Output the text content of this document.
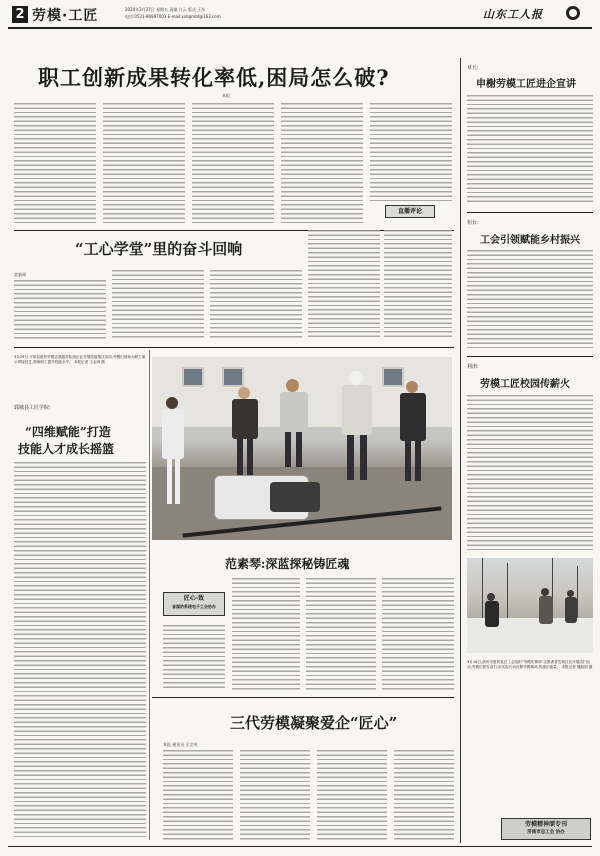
2 劳模·工匠	2020年3月27日 星期五 责编 白云 版式 王东
电话:0531-86997003 E-mail:xxbgmbf@163.com	山东工人报
职工创新成果转化率低,困局怎么破?
本报
直播评论
“工心学堂”里的奋斗回响
富新闻
3月29日,平原县组织劳模志愿服务队到企业开展技能帮扶活动,劳模们现场为职工演示焊接技艺,帮助职工提升技能水平。 本报记者 王金涛 摄
郓城县工匠学院:
“四维赋能”打造
技能人才成长摇篮
范素琴:深蓝探秘铸匠魂
匠心·致
省国防系统电子工会协办
三代劳模凝聚爱企“匠心”
本报 通讯员 王宗英
章丘:
申榭劳模工匠进企宣讲
桓台:
工会引领赋能乡村振兴
利津:
劳模工匠校园传薪火
3月16日,滨州市惠民县总工会组织“劳模先锋岗”志愿者冒雪到社区开展清扫活动,劳模们冒雪清扫,用实际行动诠释劳模精神,传递正能量。 本报记者 魏振国 摄
劳模精神颂专刊
济南市总工会 协办
